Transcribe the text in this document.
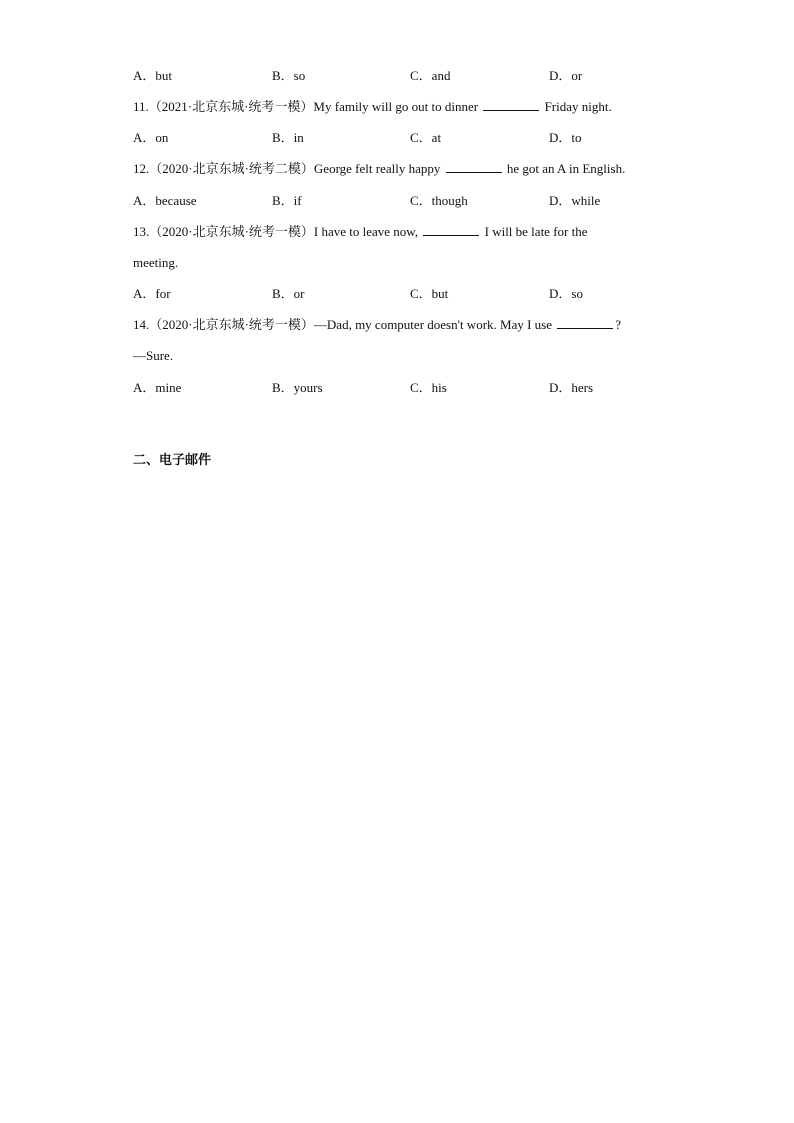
A．but	B．so	C．and	D．or
11.（2021·北京东城·统考一模）My family will go out to dinner	Friday night.
A．on	B．in	C．at	D．to
12.（2020·北京东城·统考二模）George felt really happy	he got an A in English.
A．because	B．if	C．though	D．while
13.（2020·北京东城·统考一模）I have to leave now,	I will be late for the
meeting.
A．for	B．or	C．but	D．so
14.（2020·北京东城·统考一模）—Dad, my computer doesn't work. May I use	?
—Sure.
A．mine	B．yours	C．his	D．hers
二、电子邮件
